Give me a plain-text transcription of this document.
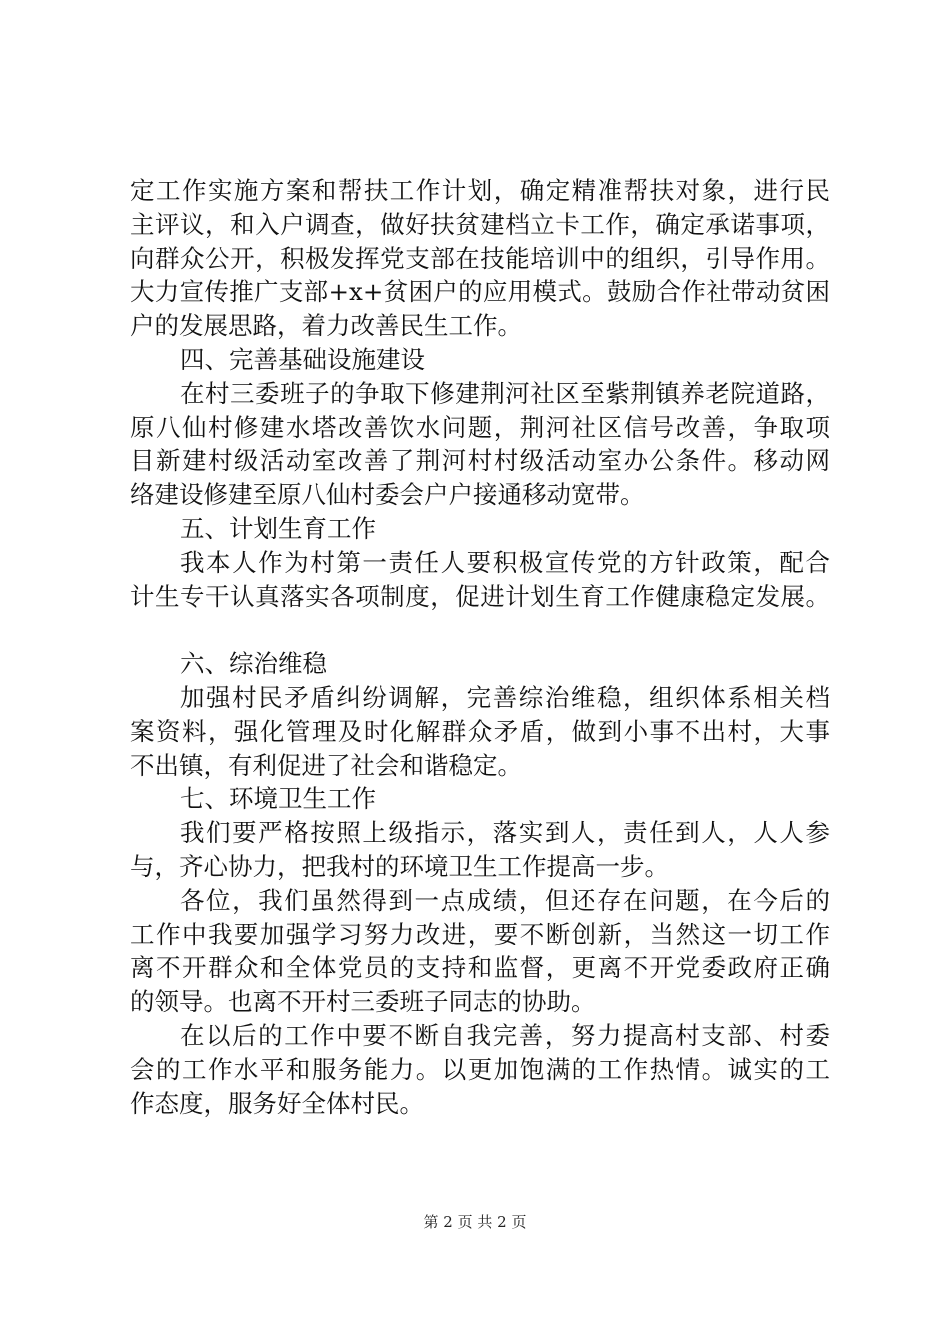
定工作实施方案和帮扶工作计划，确定精准帮扶对象，进行民
主评议，和入户调查，做好扶贫建档立卡工作，确定承诺事项，
向群众公开，积极发挥党支部在技能培训中的组织，引导作用。
大力宣传推广支部+x+贫困户的应用模式。鼓励合作社带动贫困
户的发展思路，着力改善民生工作。
四、完善基础设施建设
在村三委班子的争取下修建荆河社区至紫荆镇养老院道路，
原八仙村修建水塔改善饮水问题，荆河社区信号改善，争取项
目新建村级活动室改善了荆河村村级活动室办公条件。移动网
络建设修建至原八仙村委会户户接通移动宽带。
五、计划生育工作
我本人作为村第一责任人要积极宣传党的方针政策，配合
计生专干认真落实各项制度，促进计划生育工作健康稳定发展。
六、综治维稳
加强村民矛盾纠纷调解，完善综治维稳，组织体系相关档
案资料，强化管理及时化解群众矛盾，做到小事不出村，大事
不出镇，有利促进了社会和谐稳定。
七、环境卫生工作
我们要严格按照上级指示，落实到人，责任到人，人人参
与，齐心协力，把我村的环境卫生工作提高一步。
各位，我们虽然得到一点成绩，但还存在问题，在今后的
工作中我要加强学习努力改进，要不断创新，当然这一切工作
离不开群众和全体党员的支持和监督，更离不开党委政府正确
的领导。也离不开村三委班子同志的协助。
在以后的工作中要不断自我完善，努力提高村支部、村委
会的工作水平和服务能力。以更加饱满的工作热情。诚实的工
作态度，服务好全体村民。
第 2 页 共 2 页
